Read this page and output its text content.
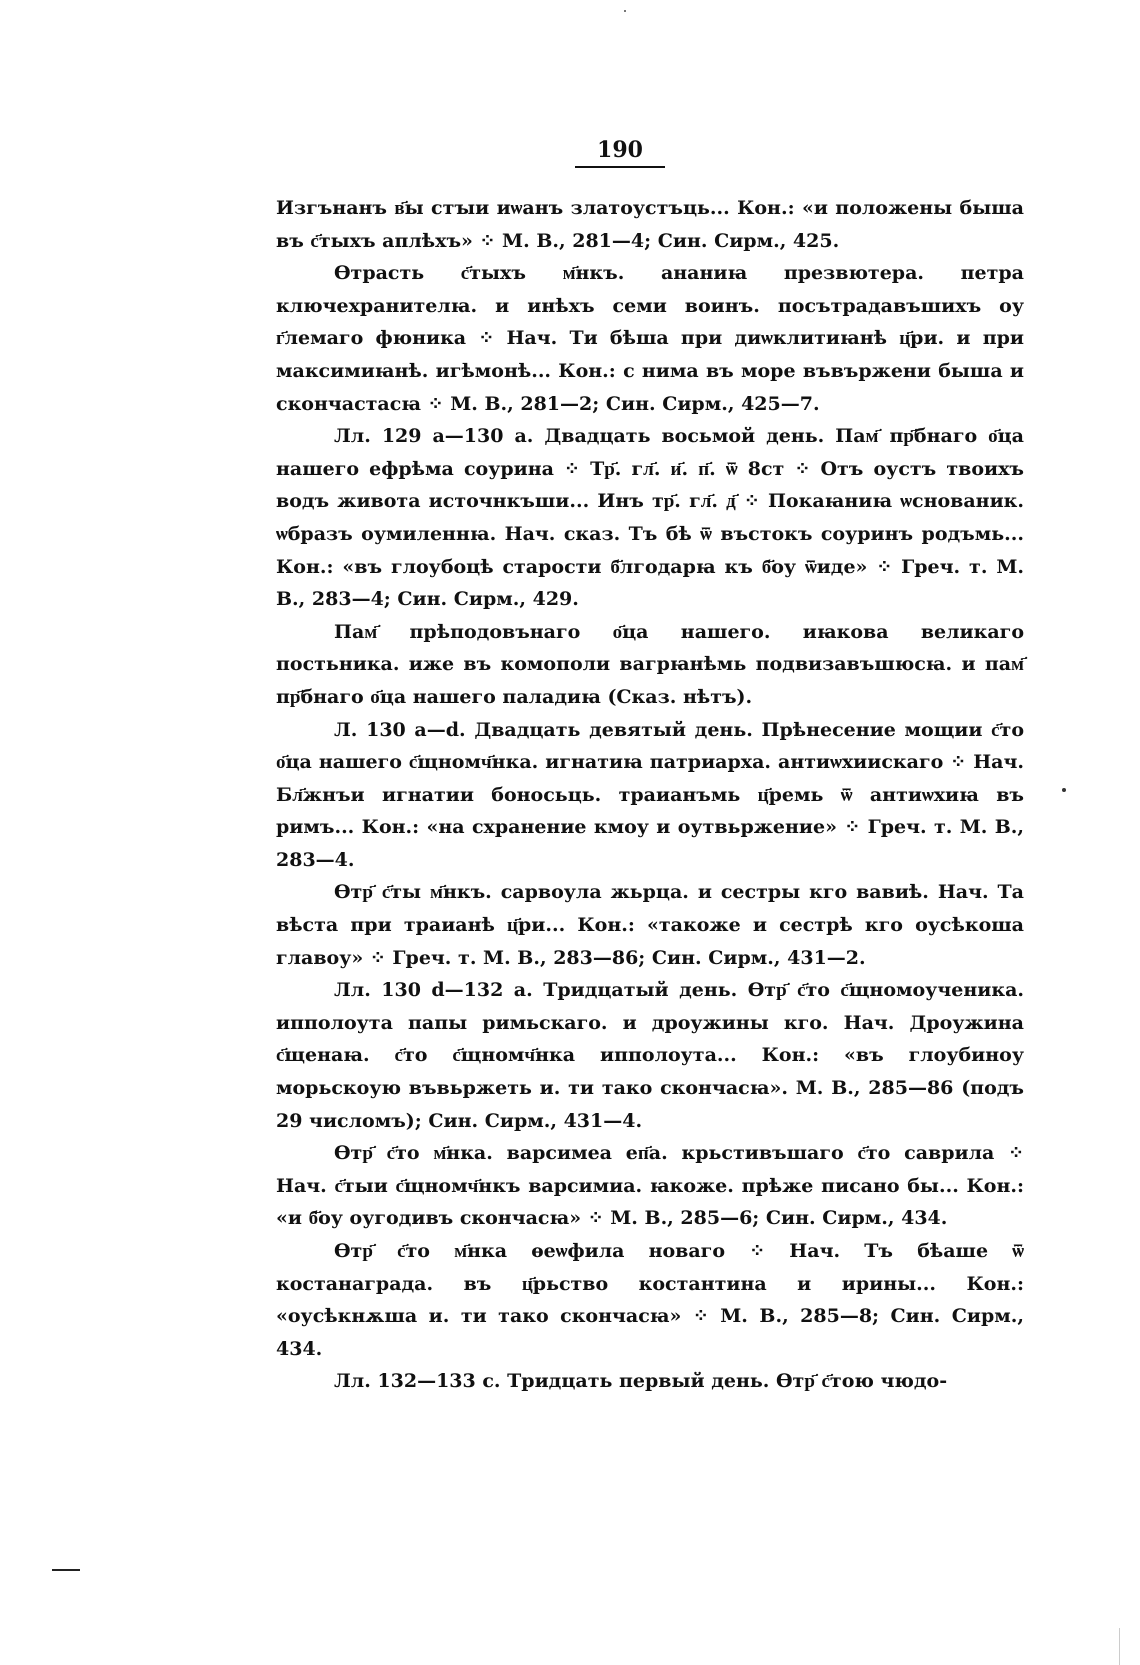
190

Изгънанъ в҃ы стꙑи иѡанъ златоустъць... Кон.: «и положены быша въ с҃тыхъ аплѣхъ» ⁘ М. В., 281—4; Син. Сирм., 425.

Ѳтрасть с҃тыхъ м҃нкъ. ананиꙗ презвютера. петра ключехранителꙗ. и инѣхъ семи воинъ. посътрадавъшихъ оу г҃лемаго фюника ⁘ Нач. Ти бѣша при диѡклитиꙗнѣ ц҃ри. и при максимиꙗнѣ. игѣмонѣ... Кон.: с нима въ море въвържени быша и скончастасꙗ ⁘ М. В., 281—2; Син. Сирм., 425—7.

Лл. 129 a—130 a. Двадцать восьмой день. Пам҃ пр҃бнаго о҃ца нашего ефрѣма соурина ⁘ Тр҃. гл҃. и҃. п҃. ѿ 8ст ⁘ Отъ оустъ твоихъ водъ живота источнкъши... Инъ тр҃. гл҃. д҃ ⁘ Покаꙗниꙗ ѡснованик. ѡбразъ оумиленнꙗ. Нач. сказ. Тъ бѣ ѿ въстокъ соуринъ родъмь... Кон.: «въ глоубоцѣ старости б҃лгодарꙗ къ б҃оу ѿиде» ⁘ Греч. т. М. В., 283—4; Син. Сирм., 429.

Пам҃ прѣподовънаго о҃ца нашего. иꙗкова великаго постьника. иже въ комополи вагрꙗнѣмь подвизавъшюсꙗ. и пам҃ пр҃бнаго о҃ца нашего паладиꙗ (Сказ. нѣтъ).

Л. 130 a—d. Двадцать девятый день. Прѣнесение мощии с҃то о҃ца нашего с҃щномч҃нка. игнатиꙗ патриарха. антиѡхиискаго ⁘ Нач. Бл҃жнъи игнатии боносьць. трaианъмь ц҃ремь ѿ антиѡхиꙗ въ римъ... Кон.: «на схранение кмоу и оутвьржение» ⁘ Греч. т. М. В., 283—4.

Ѳтр҃ с҃ты м҃нкъ. сарвоула жьрца. и сестры кго вавиѣ. Нач. Та вѣста при трaианѣ ц҃ри... Кон.: «такоже и сестрѣ кго оусѣкоша главоу» ⁘ Греч. т. М. В., 283—86; Син. Сирм., 431—2.

Лл. 130 d—132 a. Тридцатый день. Ѳтр҃ с҃то с҃щномоученика. ипполоута папы римьскаго. и дроужины кго. Нач. Дроужина с҃щенаꙗ. с҃то с҃щномч҃нка ипполоута... Кон.: «въ глоубиноу морьскоую въвьржеть и. ти тако скончасꙗ». М. В., 285—86 (подъ 29 числомъ); Син. Сирм., 431—4.

Ѳтр҃ с҃то м҃нка. варсимеа еп҃а. крьстивъшаго с҃то саврила ⁘ Нач. с҃тыи с҃щномч҃нкъ варсимиа. ꙗкоже. прѣже писано бы... Кон.: «и б҃оу оугодивъ скончасꙗ» ⁘ М. В., 285—6; Син. Сирм., 434.

Ѳтр҃ с҃то м҃нка ѳеѡфила новаго ⁘ Нач. Тъ бѣаше ѿ костанаграда. въ ц҃рьство костантина и ирины... Кон.: «оусѣкнѫша и. ти тако скончасꙗ» ⁘ М. В., 285—8; Син. Сирм., 434.

Лл. 132—133 c. Тридцать первый день. Ѳтр҃ с҃тою чюдо-
